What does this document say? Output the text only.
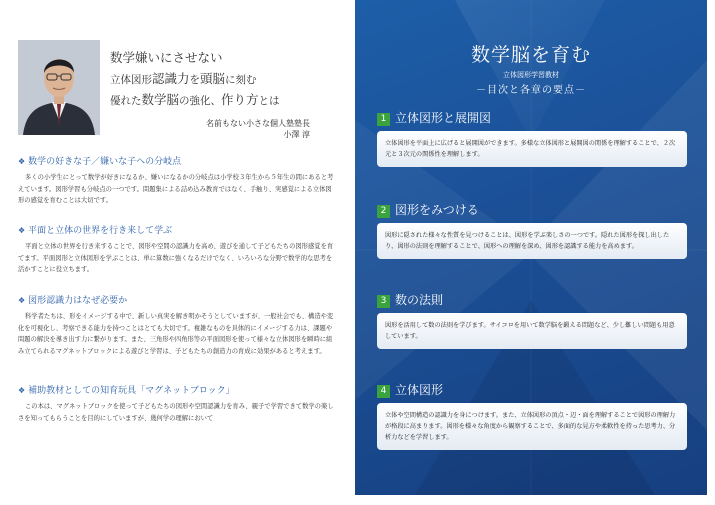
数学嫌いにさせない
立体図形認識力を頭脳に刻む
優れた数学脳の強化、作り方とは
名前もない小さな個人塾塾長
小澤 淳
❖ 数学の好きな子／嫌いな子への分岐点
多くの小学生にとって数学が好きになるか、嫌いになるかの分岐点は小学校３年生から５年生の間にあると考えています。図形学習も分岐点の一つです。問題集による詰め込み教育ではなく、手触り、実感覚による立体図形の感覚を育むことは大切です。
❖ 平面と立体の世界を行き来して学ぶ
平面と立体の世界を行き来することで、図形や空間の認識力を高め、遊びを通して子どもたちの図形感覚を育てます。平面図形と立体図形を学ぶことは、単に算数に強くなるだけでなく、いろいろな分野で数学的な思考を活かすことに役立ちます。
❖ 図形認識力はなぜ必要か
科学者たちは、形をイメージする中で、新しい真実を解き明かそうとしていますが、一般社会でも、構造や変化を可視化し、考察できる能力を持つことはとても大切です。複雑なものを具体的にイメージする力は、課題や問題の解決を導き出す力に繋がります。また、三角形や四角形等の平面図形を使って様々な立体図形を瞬時に組み立てられるマグネットブロックによる遊びと学習は、子どもたちの創造力の育成に効果があると考えます。
❖ 補助教材としての知育玩具「マグネットブロック」
この本は、マグネットブロックを使って子どもたちの図形や空間認識力を育み、親子で学習できて数学の楽しさを知ってもらうことを目的にしていますが、幾何学の理解において
数学脳を育む
立体図形学習教材
－目次と各章の要点－
1 立体図形と展開図
立体図形を平面上に広げると展開図ができます。多様な立体図形と展開図の関係を理解することで、２次元と３次元の関係性を理解します。
2 図形をみつける
図形に隠された様々な性質を見つけることは、図形を学ぶ楽しさの一つです。隠れた図形を探し出したり、図形の法則を理解することで、図形への理解を深め、図形を認識する能力を高めます。
3 数の法則
図形を活用して数の法則を学びます。サイコロを用いて数学脳を鍛える問題など、少し難しい問題も用意しています。
4 立体図形
立体や空間構造の認識力を身につけます。また、立体図形の頂点・辺・面を理解することで図形の理解力が格段に高まります。図形を様々な角度から観察することで、多面的な見方や柔軟性を持った思考力、分析力などを学習します。
